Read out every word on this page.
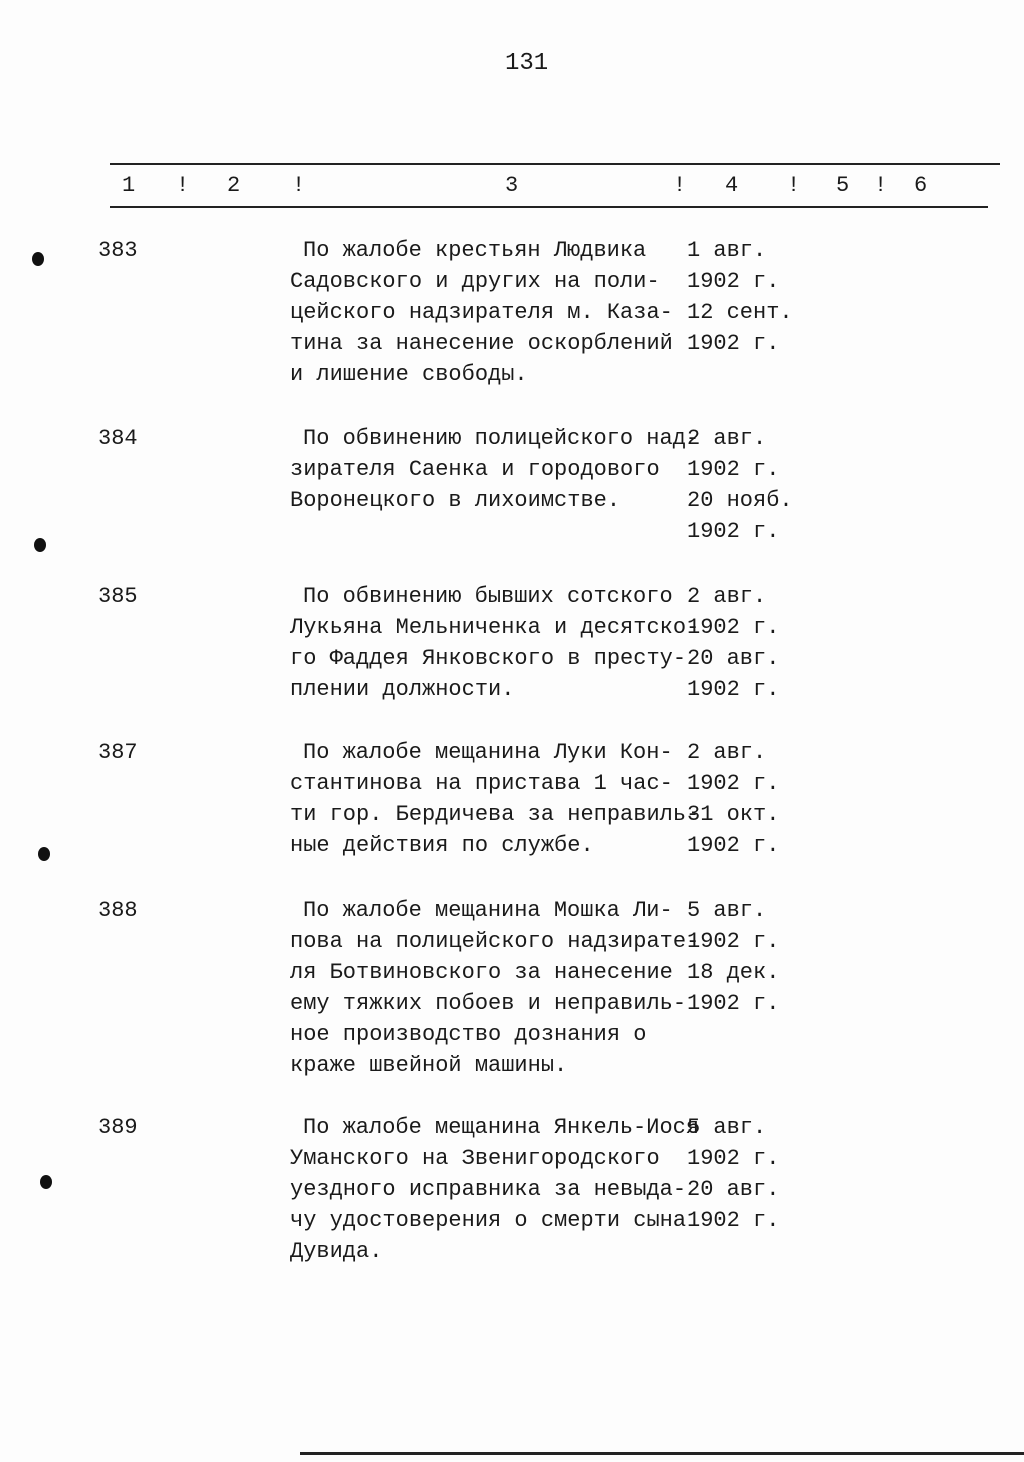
131
1 ! 2 !	3	! 4 ! 5 ! 6
383	По жалобе крестьян Людвика
Садовского и других на поли-
цейского надзирателя м. Каза-
тина за нанесение оскорблений
и лишение свободы.
1 авг.
1902 г.
12 сент.
1902 г.
384	По обвинению полицейского над-
зирателя Саенка и городового
Воронецкого в лихоимстве.
2 авг.
1902 г.
20 нояб.
1902 г.
385	По обвинению бывших сотского
Лукьяна Мельниченка и десятско-
го Фаддея Янковского в престу-
плении должности.
2 авг.
1902 г.
20 авг.
1902 г.
387	По жалобе мещанина Луки Кон-
стантинова на пристава 1 час-
ти гор. Бердичева за неправиль-
ные действия по службе.
2 авг.
1902 г.
31 окт.
1902 г.
388	По жалобе мещанина Мошка Ли-
пова на полицейского надзирате-
ля Ботвиновского за нанесение
ему тяжких побоев и неправиль-
ное производство дознания о
краже швейной машины.
5 авг.
1902 г.
18 дек.
1902 г.
389	По жалобе мещанина Янкель-Иося
Уманского на Звенигородского
уездного исправника за невыда-
чу удостоверения о смерти сына
Дувида.
5 авг.
1902 г.
20 авг.
1902 г.
